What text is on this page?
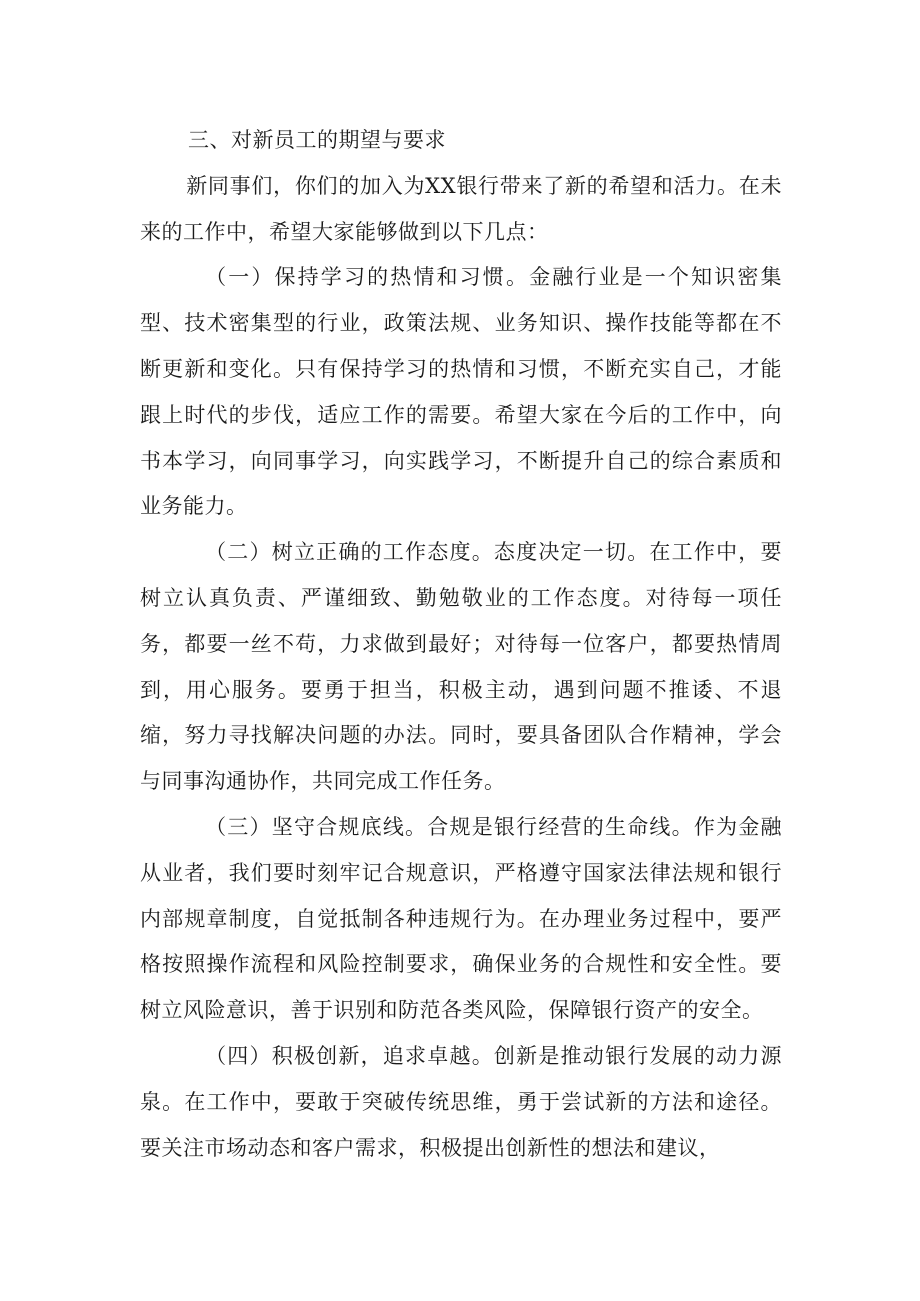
三、对新员工的期望与要求

新同事们，你们的加入为XX银行带来了新的希望和活力。在未来的工作中，希望大家能够做到以下几点：

（一）保持学习的热情和习惯。金融行业是一个知识密集型、技术密集型的行业，政策法规、业务知识、操作技能等都在不断更新和变化。只有保持学习的热情和习惯，不断充实自己，才能跟上时代的步伐，适应工作的需要。希望大家在今后的工作中，向书本学习，向同事学习，向实践学习，不断提升自己的综合素质和业务能力。

（二）树立正确的工作态度。态度决定一切。在工作中，要树立认真负责、严谨细致、勤勉敬业的工作态度。对待每一项任务，都要一丝不苟，力求做到最好；对待每一位客户，都要热情周到，用心服务。要勇于担当，积极主动，遇到问题不推诿、不退缩，努力寻找解决问题的办法。同时，要具备团队合作精神，学会与同事沟通协作，共同完成工作任务。

（三）坚守合规底线。合规是银行经营的生命线。作为金融从业者，我们要时刻牢记合规意识，严格遵守国家法律法规和银行内部规章制度，自觉抵制各种违规行为。在办理业务过程中，要严格按照操作流程和风险控制要求，确保业务的合规性和安全性。要树立风险意识，善于识别和防范各类风险，保障银行资产的安全。

（四）积极创新，追求卓越。创新是推动银行发展的动力源泉。在工作中，要敢于突破传统思维，勇于尝试新的方法和途径。要关注市场动态和客户需求，积极提出创新性的想法和建议，
